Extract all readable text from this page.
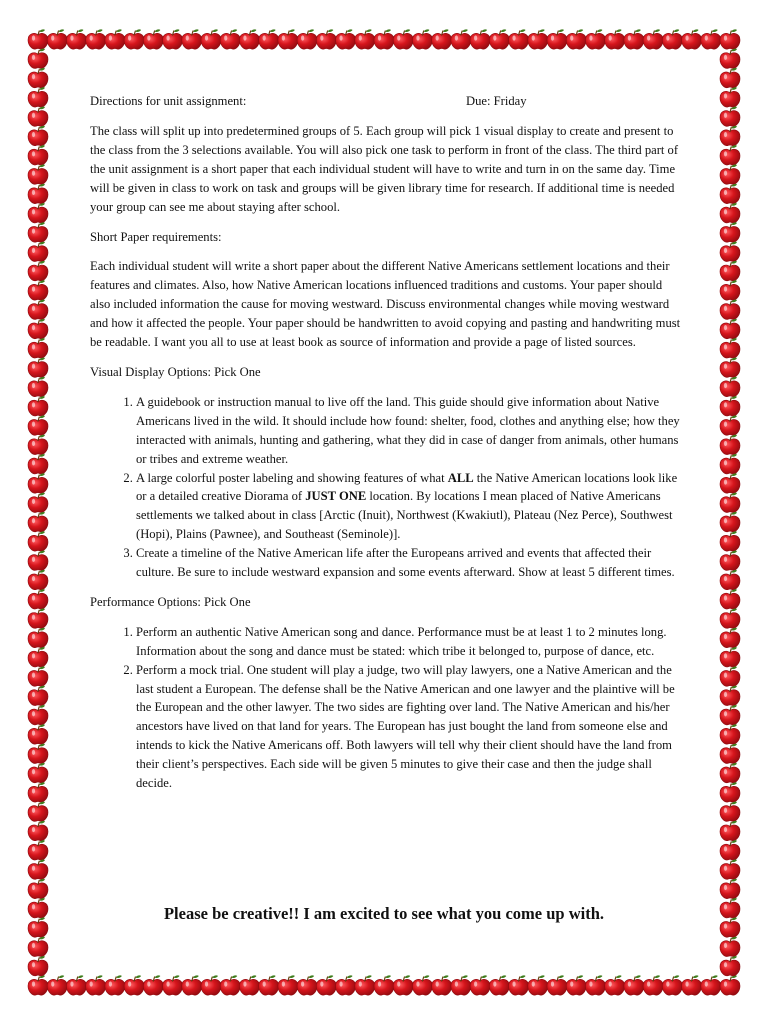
Directions for unit assignment:	Due: Friday

The class will split up into predetermined groups of 5. Each group will pick 1 visual display to create and present to the class from the 3 selections available. You will also pick one task to perform in front of the class. The third part of the unit assignment is a short paper that each individual student will have to write and turn in on the same day. Time will be given in class to work on task and groups will be given library time for research. If additional time is needed your group can see me about staying after school.

Short Paper requirements:

Each individual student will write a short paper about the different Native Americans settlement locations and their features and climates. Also, how Native American locations influenced traditions and customs. Your paper should also included information the cause for moving westward. Discuss environmental changes while moving westward and how it affected the people. Your paper should be handwritten to avoid copying and pasting and handwriting must be readable. I want you all to use at least book as source of information and provide a page of listed sources.

Visual Display Options: Pick One

1. A guidebook or instruction manual to live off the land. This guide should give information about Native Americans lived in the wild. It should include how found: shelter, food, clothes and anything else; how they interacted with animals, hunting and gathering, what they did in case of danger from animals, other humans or tribes and extreme weather.
2. A large colorful poster labeling and showing features of what ALL the Native American locations look like or a detailed creative Diorama of JUST ONE location. By locations I mean placed of Native Americans settlements we talked about in class [Arctic (Inuit), Northwest (Kwakiutl), Plateau (Nez Perce), Southwest (Hopi), Plains (Pawnee), and Southeast (Seminole)].
3. Create a timeline of the Native American life after the Europeans arrived and events that affected their culture. Be sure to include westward expansion and some events afterward. Show at least 5 different times.

Performance Options: Pick One

1. Perform an authentic Native American song and dance. Performance must be at least 1 to 2 minutes long. Information about the song and dance must be stated: which tribe it belonged to, purpose of dance, etc.
2. Perform a mock trial. One student will play a judge, two will play lawyers, one a Native American and the last student a European. The defense shall be the Native American and one lawyer and the plaintive will be the European and the other lawyer. The two sides are fighting over land. The Native American and his/her ancestors have lived on that land for years. The European has just bought the land from someone else and intends to kick the Native Americans off. Both lawyers will tell why their client should have the land from their client’s perspectives. Each side will be given 5 minutes to give their case and then the judge shall decide.
Please be creative!! I am excited to see what you come up with.
